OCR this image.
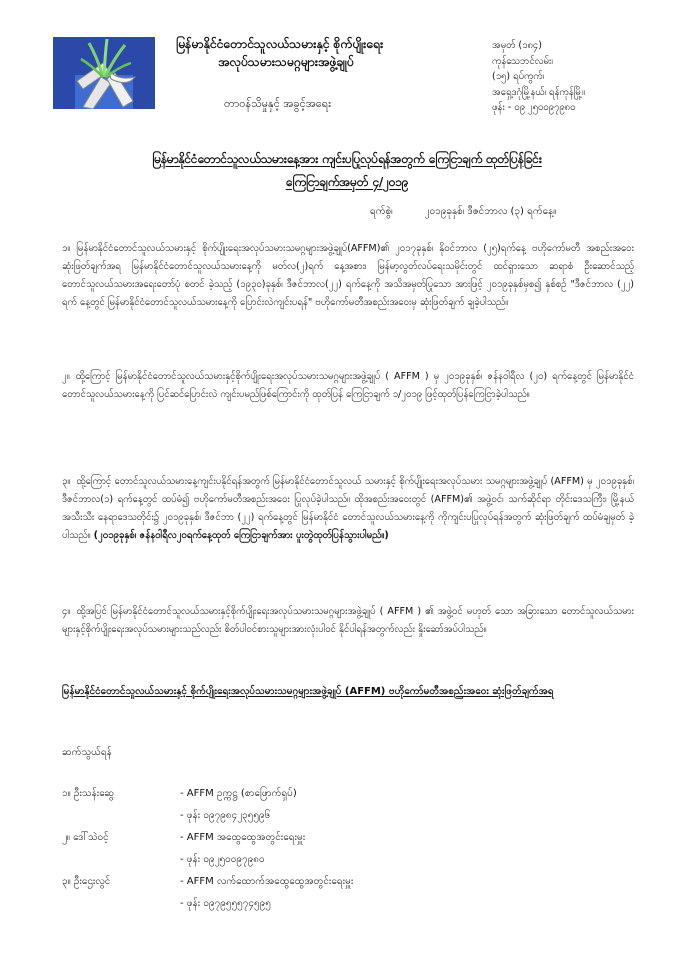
မြန်မာနိုင်ငံတောင်သူလယ်သမားနှင့် စိုက်ပျိုးရေး
အလုပ်သမားသမဂ္ဂများအဖွဲ့ချုပ်
တာဝန်သိမှုနှင့် အခွင့်အရေး
အမှတ် (၁၈၄)
ကုန်သေဘင်လမ်း၊
(၁၅) ရပ်ကွက်၊
အရှေ့ဒဂုံမြို့နယ်၊ ရန်ကုန်မြို့။
ဖုန်း - ၀၉ ၂၅၀၀၉၇၉၈၀
မြန်မာနိုင်ငံတောင်သူလယ်သမားနေ့အား ကျင်းပပြုလုပ်ရန်အတွက် ကြေငြာချက် ထုတ်ပြန်ခြင်း
ကြေငြာချက်အမှတ် ၄/၂၀၁၉
ရက်စွဲ၊	၂၀၁၉ခုနှစ်၊ ဒီဇင်ဘာလ (၃) ရက်နေ့။
၁။ မြန်မာနိုင်ငံတောင်သူလယ်သမားနှင့် စိုက်ပျိုးရေးအလုပ်သမားသမဂ္ဂများအဖွဲ့ချုပ်(AFFM)၏ ၂၀၁၇ခုနှစ်၊ နိုဝင်ဘာလ (၂၅)ရက်နေ့ ဗဟိုကော်မတီ အစည်းအဝေးဆုံးဖြတ်ချက်အရ မြန်မာနိုင်ငံတောင်သူလယ်သမားနေ့ကို မတ်လ(၂)ရက် နေ့အစား၊ မြန်မာ့လွတ်လပ်ရေးသမိုင်းတွင် ထင်ရှားသော ဆရာစံ ဦးဆောင်သည့် တောင်သူလယ်သမားအရေးတော်ပုံ စတင် ခဲ့သည့် (၁၉၃၀)ခုနှစ်၊ ဒီဇင်ဘာလ(၂၂) ရက်နေ့ကို အသိအမှတ်ပြုသော အားဖြင့် ၂၀၁၉ခုနှစ်မှစ၍ နှစ်စဉ် "ဒီဇင်ဘာလ (၂၂) ရက် နေ့တွင် မြန်မာနိုင်ငံတောင်သူလယ်သမားနေ့ကို ပြောင်းလဲကျင်းပရန်" ဗဟိုကော်မတီအစည်းအဝေးမှ ဆုံးဖြတ်ချက် ချခဲ့ပါသည်။
၂။ ထို့ကြောင့် မြန်မာနိုင်ငံတောင်သူလယ်သမားနှင့်စိုက်ပျိုးရေးအလုပ်သမားသမဂ္ဂများအဖွဲ့ချုပ် ( AFFM ) မှ ၂၀၁၉ခုနှစ်၊ ဇန်နဝါရီလ (၂၀) ရက်နေ့တွင် မြန်မာနိုင်ငံတောင်သူလယ်သမားနေ့ကို ပြင်ဆင်ပြောင်းလဲ ကျင်းပမည်ဖြစ်ကြောင်းကို ထုတ်ပြန် ကြေငြာချက် ၁/၂၀၁၉ ဖြင့်ထုတ်ပြန်ကြေငြာခဲ့ပါသည်။
၃။ ထို့ကြောင့် တောင်သူလယ်သမားနေ့ကျင်းပနိုင်ရန်အတွက် မြန်မာနိုင်ငံတောင်သူလယ် သမားနှင့် စိုက်ပျိုးရေးအလုပ်သမား သမဂ္ဂများအဖွဲ့ချုပ် (AFFM) မှ ၂၀၁၉ခုနှစ်၊ ဒီဇင်ဘာလ(၁) ရက်နေ့တွင် ထပ်မံ၍ ဗဟိုကော်မတီအစည်းအဝေး ပြုလုပ်ခဲ့ပါသည်။ ထိုအစည်းအဝေးတွင် (AFFM)၏ အဖွဲ့ဝင်၊ သက်ဆိုင်ရာ တိုင်းဒေသကြီး၊ မြို့နယ်အသီးသီး နေရာဒေသတိုင်း၌ ၂၀၁၉ခုနှစ်၊ ဒီဇင်ဘာ (၂၂) ရက်နေ့တွင် မြန်မာနိုင်ငံ တောင်သူလယ်သမားနေ့ကို ကိုကျင်းပပြုလုပ်ရန်အတွက် ဆုံးဖြတ်ချက် ထပ်မံချမှတ် ခဲ့ပါသည်။ (၂၀၁၉ခုနှစ်၊ ဇန်နဝါရီလ၂၀ရက်နေ့ထုတ် ကြေငြာချက်အား ပူးတွဲထုတ်ပြန်သွားပါမည်။)
၄။ ထို့အပြင် မြန်မာနိုင်ငံတောင်သူလယ်သမားနှင့်စိုက်ပျိုးရေးအလုပ်သမားသမဂ္ဂများအဖွဲ့ချုပ် ( AFFM ) ၏ အဖွဲ့ဝင် မဟုတ် သော အခြားသော တောင်သူလယ်သမားများနှင့်စိုက်ပျိုးရေးအလုပ်သမားများသည်လည်း စိတ်ပါဝင်စားသူများအားလုံးပါဝင် နိုင်ပါရန်အတွက်လည်း နှိုးဆော်အပ်ပါသည်။
မြန်မာနိုင်ငံတောင်သူလယ်သမားနှင့် စိုက်ပျိုးရေးအလုပ်သမားသမဂ္ဂများအဖွဲ့ချုပ် (AFFM) ဗဟိုကော်မတီအစည်းအဝေး ဆုံးဖြတ်ချက်အရ
ဆက်သွယ်ရန်
၁။ ဦးသန်းဆွေ	- AFFM ဥက္ကဋ္ဌ (စာဖြောက်ရှပ်)
- ဖုန်း ၀၉၇၉၈၄၂၃၅၅၉၆
၂။ ဒေါ်သဲဝင့်	- AFFM အထွေထွေအတွင်းရေးမှူး
- ဖုန်း ၀၉၂၅၀၀၉၇၉၈၀
၃။ ဦးဌေးလွင်	- AFFM လက်ထောက်အထွေထွေအတွင်းရေးမှူး
- ဖုန်း ၀၉၇၉၅၅၅၇၄၅၉၅
